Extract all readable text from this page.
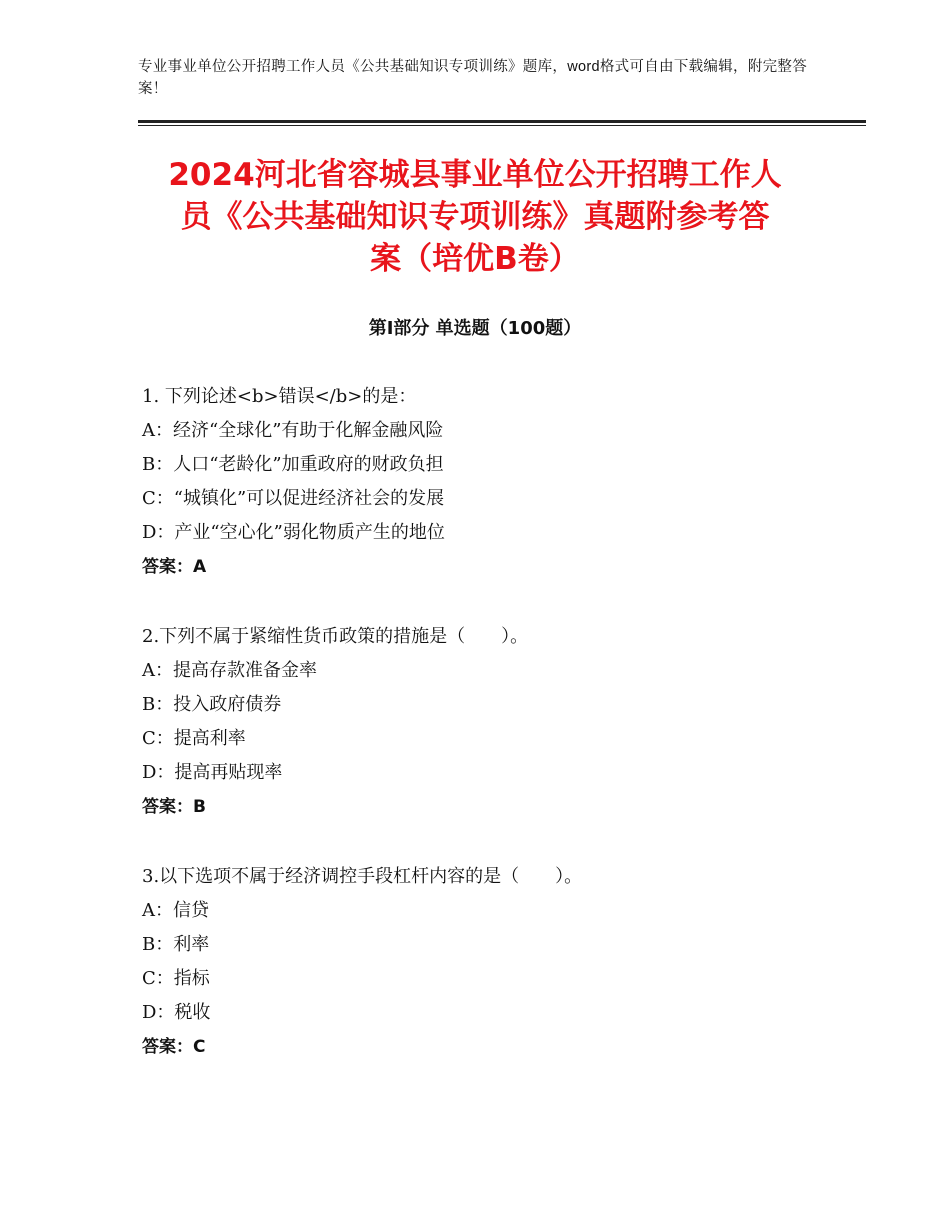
专业事业单位公开招聘工作人员《公共基础知识专项训练》题库，word格式可自由下载编辑，附完整答案！
2024河北省容城县事业单位公开招聘工作人
员《公共基础知识专项训练》真题附参考答
案（培优B卷）
第Ⅰ部分 单选题（100题）
1. 下列论述<b>错误</b>的是：
A：经济“全球化”有助于化解金融风险
B：人口“老龄化”加重政府的财政负担
C：“城镇化”可以促进经济社会的发展
D：产业“空心化”弱化物质产生的地位
答案：A
2.下列不属于紧缩性货币政策的措施是（　　）。
A：提高存款准备金率
B：投入政府债券
C：提高利率
D：提高再贴现率
答案：B
3.以下选项不属于经济调控手段杠杆内容的是（　　）。
A：信贷
B：利率
C：指标
D：税收
答案：C
